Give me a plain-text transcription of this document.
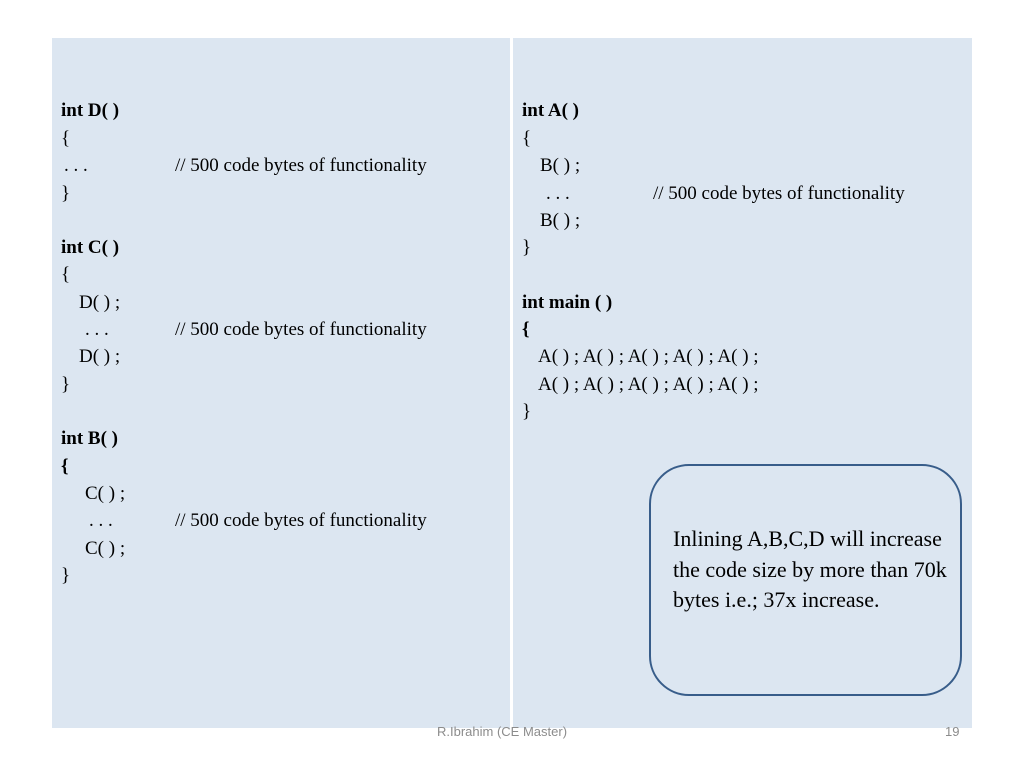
int D( )
{
. . .	// 500 code bytes of functionality
}
int C( )
{
D( ) ;
. . .	// 500 code bytes of functionality
D( ) ;
}
int B( )
{
C( ) ;
. . .	// 500 code bytes of functionality
C( ) ;
}
int A( )
{
B( ) ;
. . .	// 500 code bytes of functionality
B( ) ;
}
int main ( )
{
A( ) ; A( ) ; A( ) ; A( ) ; A( ) ;
A( ) ; A( ) ; A( ) ; A( ) ; A( ) ;
}
Inlining A,B,C,D will increase the code size by more than 70k bytes i.e.; 37x increase.
R.Ibrahim (CE Master)	19
